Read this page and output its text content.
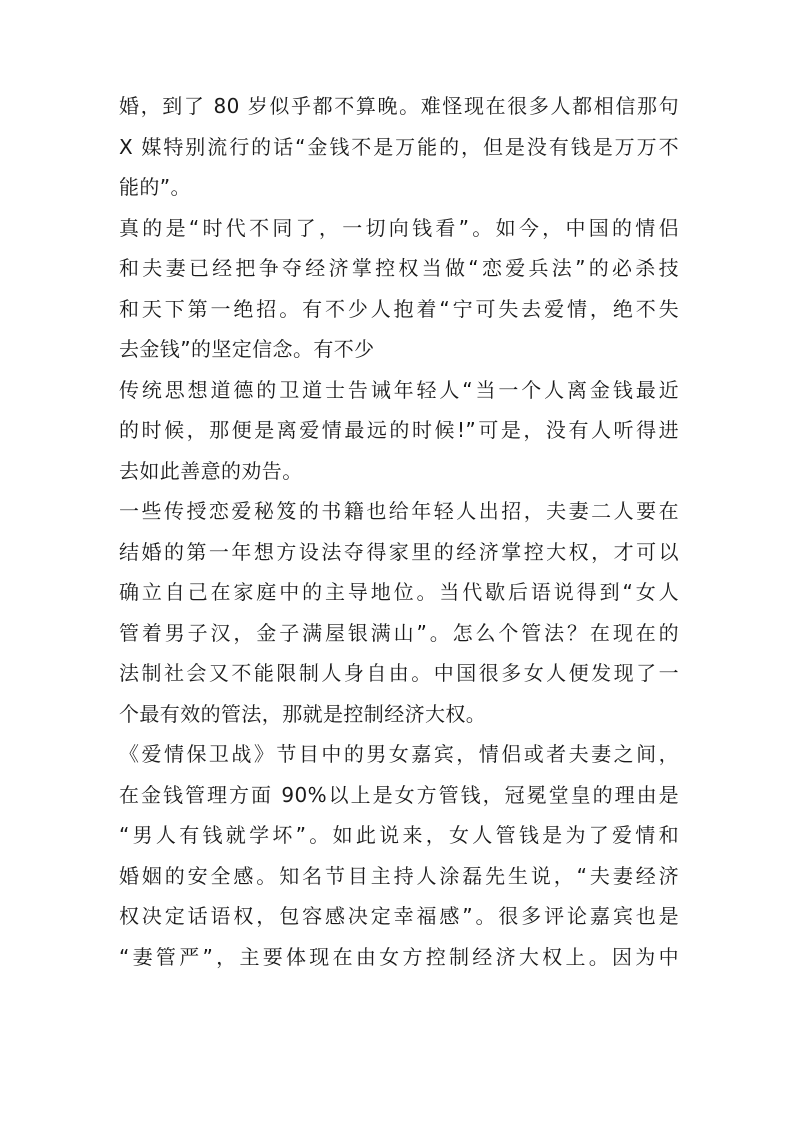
婚，到了 80 岁似乎都不算晚。难怪现在很多人都相信那句
X 媒特别流行的话“金钱不是万能的，但是没有钱是万万不
能的”。
真的是“时代不同了，一切向钱看”。如今，中国的情侣
和夫妻已经把争夺经济掌控权当做“恋爱兵法”的必杀技
和天下第一绝招。有不少人抱着“宁可失去爱情，绝不失
去金钱”的坚定信念。有不少
传统思想道德的卫道士告诫年轻人“当一个人离金钱最近
的时候，那便是离爱情最远的时候!”可是，没有人听得进
去如此善意的劝告。
一些传授恋爱秘笈的书籍也给年轻人出招，夫妻二人要在
结婚的第一年想方设法夺得家里的经济掌控大权，才可以
确立自己在家庭中的主导地位。当代歇后语说得到“女人
管着男子汉，金子满屋银满山”。怎么个管法？在现在的
法制社会又不能限制人身自由。中国很多女人便发现了一
个最有效的管法，那就是控制经济大权。
《爱情保卫战》节目中的男女嘉宾，情侣或者夫妻之间，
在金钱管理方面 90%以上是女方管钱，冠冕堂皇的理由是
“男人有钱就学坏”。如此说来，女人管钱是为了爱情和
婚姻的安全感。知名节目主持人涂磊先生说，“夫妻经济
权决定话语权，包容感决定幸福感”。很多评论嘉宾也是
“妻管严”，主要体现在由女方控制经济大权上。因为中
